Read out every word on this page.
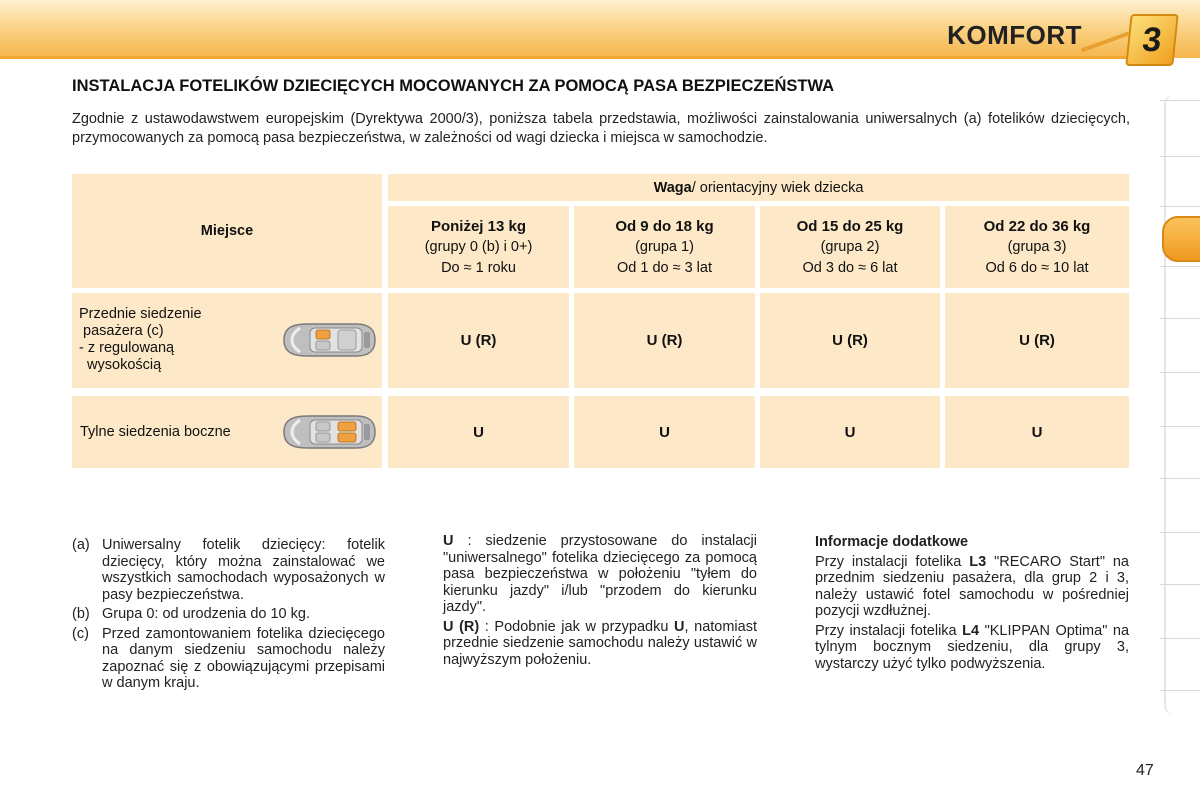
KOMFORT 3
INSTALACJA FOTELIKÓW DZIECIĘCYCH MOCOWANYCH ZA POMOCĄ PASA BEZPIECZEŃSTWA
Zgodnie z ustawodawstwem europejskim (Dyrektywa 2000/3), poniższa tabela przedstawia, możliwości zainstalowania uniwersalnych (a) fotelików dziecięcych, przymocowanych za pomocą pasa bezpieczeństwa, w zależności od wagi dziecka i miejsca w samochodzie.
Miejsce
Waga / orientacyjny wiek dziecka
Poniżej 13 kg
(grupy 0 (b) i 0+)
Do ≈ 1 roku
Od 9 do 18 kg
(grupa 1)
Od 1 do ≈ 3 lat
Od 15 do 25 kg
(grupa 2)
Od 3 do ≈ 6 lat
Od 22 do 36 kg
(grupa 3)
Od 6 do ≈ 10 lat
Przednie siedzenie
pasażera (c)
- z regulowaną
wysokością
U (R)	U (R)	U (R)	U (R)
Tylne siedzenia boczne	U	U	U	U
(a) Uniwersalny fotelik dziecięcy: fotelik dziecięcy, który można zainstalować we wszystkich samochodach wyposażonych w pasy bezpieczeństwa.
(b) Grupa 0: od urodzenia do 10 kg.
(c) Przed zamontowaniem fotelika dziecięcego na danym siedzeniu samochodu należy zapoznać się z obowiązującymi przepisami w danym kraju.
U : siedzenie przystosowane do instalacji "uniwersalnego" fotelika dziecięcego za pomocą pasa bezpieczeństwa w położeniu "tyłem do kierunku jazdy" i/lub "przodem do kierunku jazdy".
U (R) : Podobnie jak w przypadku U, natomiast przednie siedzenie samochodu należy ustawić w najwyższym położeniu.
Informacje dodatkowe
Przy instalacji fotelika L3 "RECARO Start" na przednim siedzeniu pasażera, dla grup 2 i 3, należy ustawić fotel samochodu w pośredniej pozycji wzdłużnej.
Przy instalacji fotelika L4 "KLIPPAN Optima" na tylnym bocznym siedzeniu, dla grupy 3, wystarczy użyć tylko podwyższenia.
47
